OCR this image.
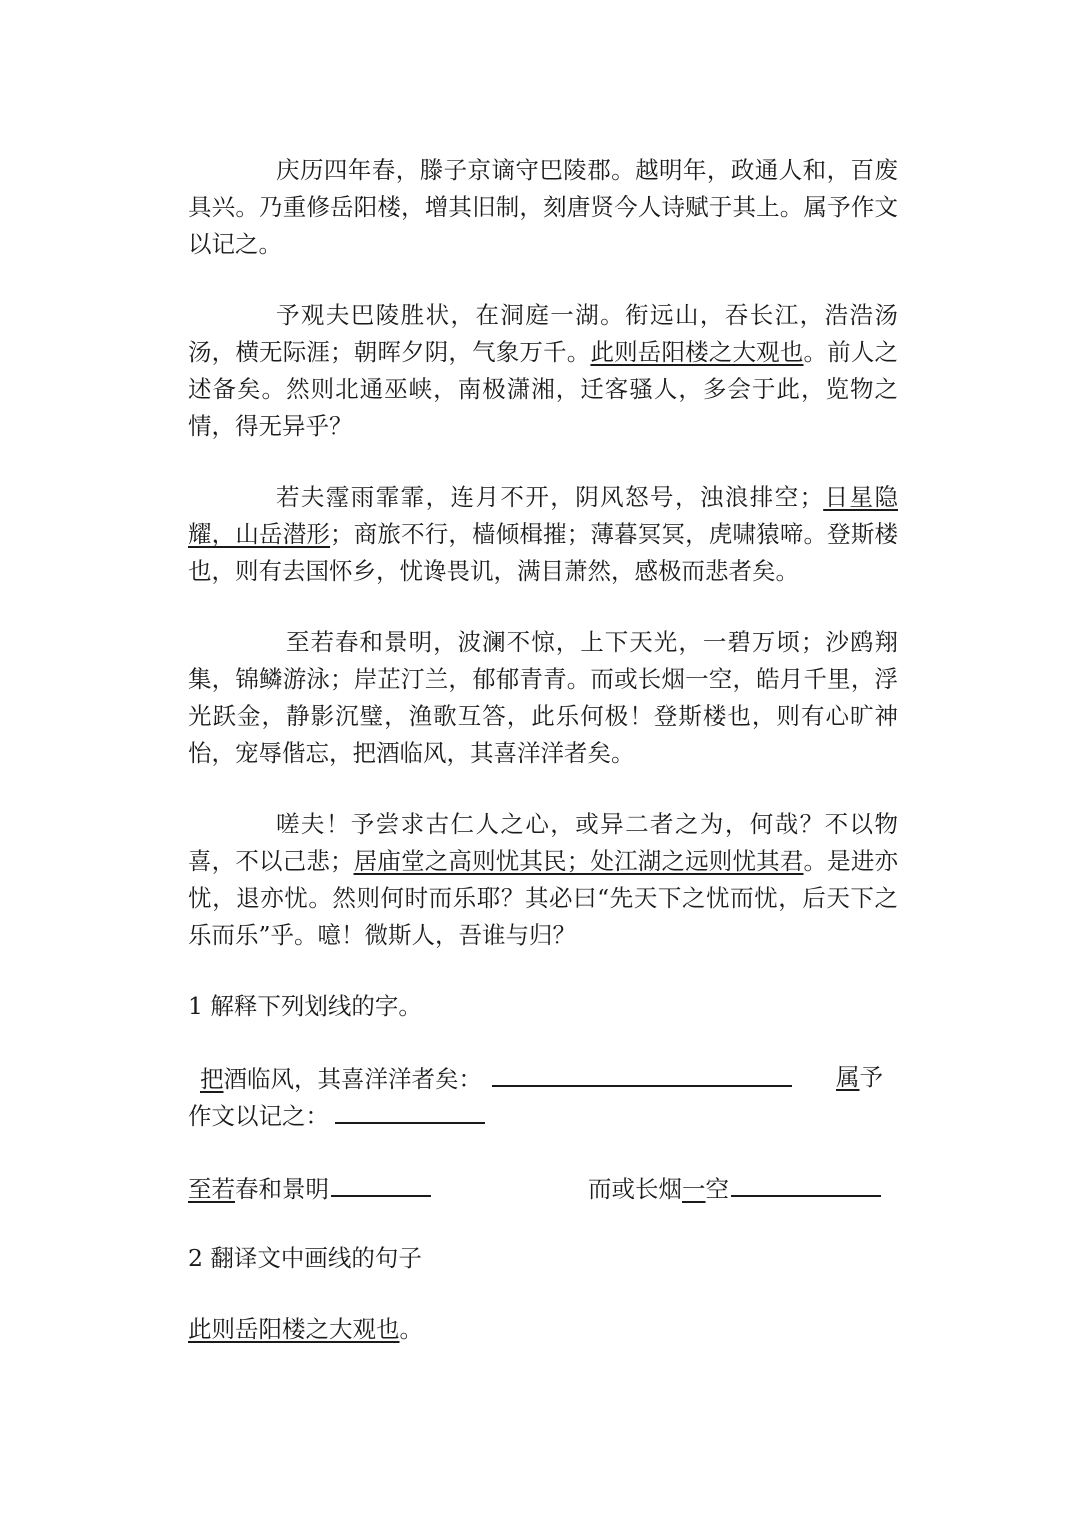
庆历四年春，滕子京谪守巴陵郡。越明年，政通人和，百废具兴。乃重修岳阳楼，增其旧制，刻唐贤今人诗赋于其上。属予作文以记之。

予观夫巴陵胜状，在洞庭一湖。衔远山，吞长江，浩浩汤汤，横无际涯；朝晖夕阴，气象万千。此则岳阳楼之大观也。前人之述备矣。然则北通巫峡，南极潇湘，迁客骚人，多会于此，览物之情，得无异乎？

若夫霪雨霏霏，连月不开，阴风怒号，浊浪排空；日星隐耀，山岳潜形；商旅不行，樯倾楫摧；薄暮冥冥，虎啸猿啼。登斯楼也，则有去国怀乡，忧谗畏讥，满目萧然，感极而悲者矣。

至若春和景明，波澜不惊，上下天光，一碧万顷；沙鸥翔集，锦鳞游泳；岸芷汀兰，郁郁青青。而或长烟一空，皓月千里，浮光跃金，静影沉璧，渔歌互答，此乐何极！登斯楼也，则有心旷神怡，宠辱偕忘，把酒临风，其喜洋洋者矣。

嗟夫！予尝求古仁人之心，或异二者之为，何哉？不以物喜，不以己悲；居庙堂之高则忧其民；处江湖之远则忧其君。是进亦忧，退亦忧。然则何时而乐耶？其必曰“先天下之忧而忧，后天下之乐而乐”乎。噫！微斯人，吾谁与归？

1 解释下列划线的字。

把酒临风，其喜洋洋者矣：	属予
作文以记之：
至若春和景明	而或长烟一空

2 翻译文中画线的句子

此则岳阳楼之大观也。
